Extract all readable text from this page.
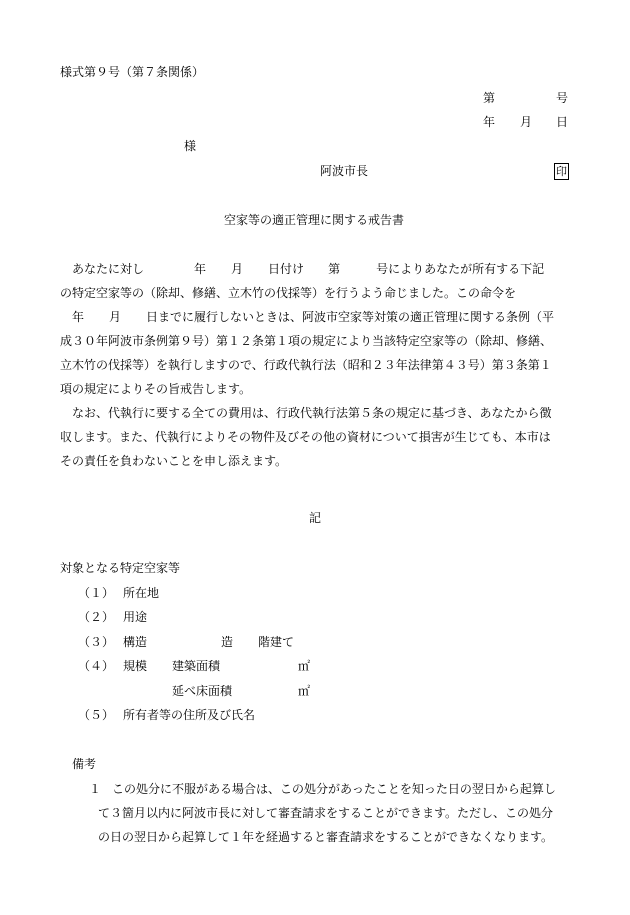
様式第９号（第７条関係）
第	号
年 月 日
様
阿波市長	印
空家等の適正管理に関する戒告書

あなたに対し	年 月 日付け 第	号によりあなたが所有する下記

の特定空家等の（除却、修繕、立木竹の伐採等）を行うよう命じました。この命令を

年 月 日までに履行しないときは、阿波市空家等対策の適正管理に関する条例（平

成３０年阿波市条例第９号）第１２条第１項の規定により当該特定空家等の（除却、修繕、

立木竹の伐採等）を執行しますので、行政代執行法（昭和２３年法律第４３号）第３条第１

項の規定によりその旨戒告します。

なお、代執行に要する全ての費用は、行政代執行法第５条の規定に基づき、あなたから徴

収します。また、代執行によりその物件及びその他の資材について損害が生じても、本市は

その責任を負わないことを申し添えます。

記
対象となる特定空家等
（１） 所在地
（２） 用途
（３） 構造	造 階建て
（４） 規模 建築面積	㎡
延べ床面積	㎡
（５） 所有者等の住所及び氏名
備考
１ この処分に不服がある場合は、この処分があったことを知った日の翌日から起算し

て３箇月以内に阿波市長に対して審査請求をすることができます。ただし、この処分

の日の翌日から起算して１年を経過すると審査請求をすることができなくなります。
